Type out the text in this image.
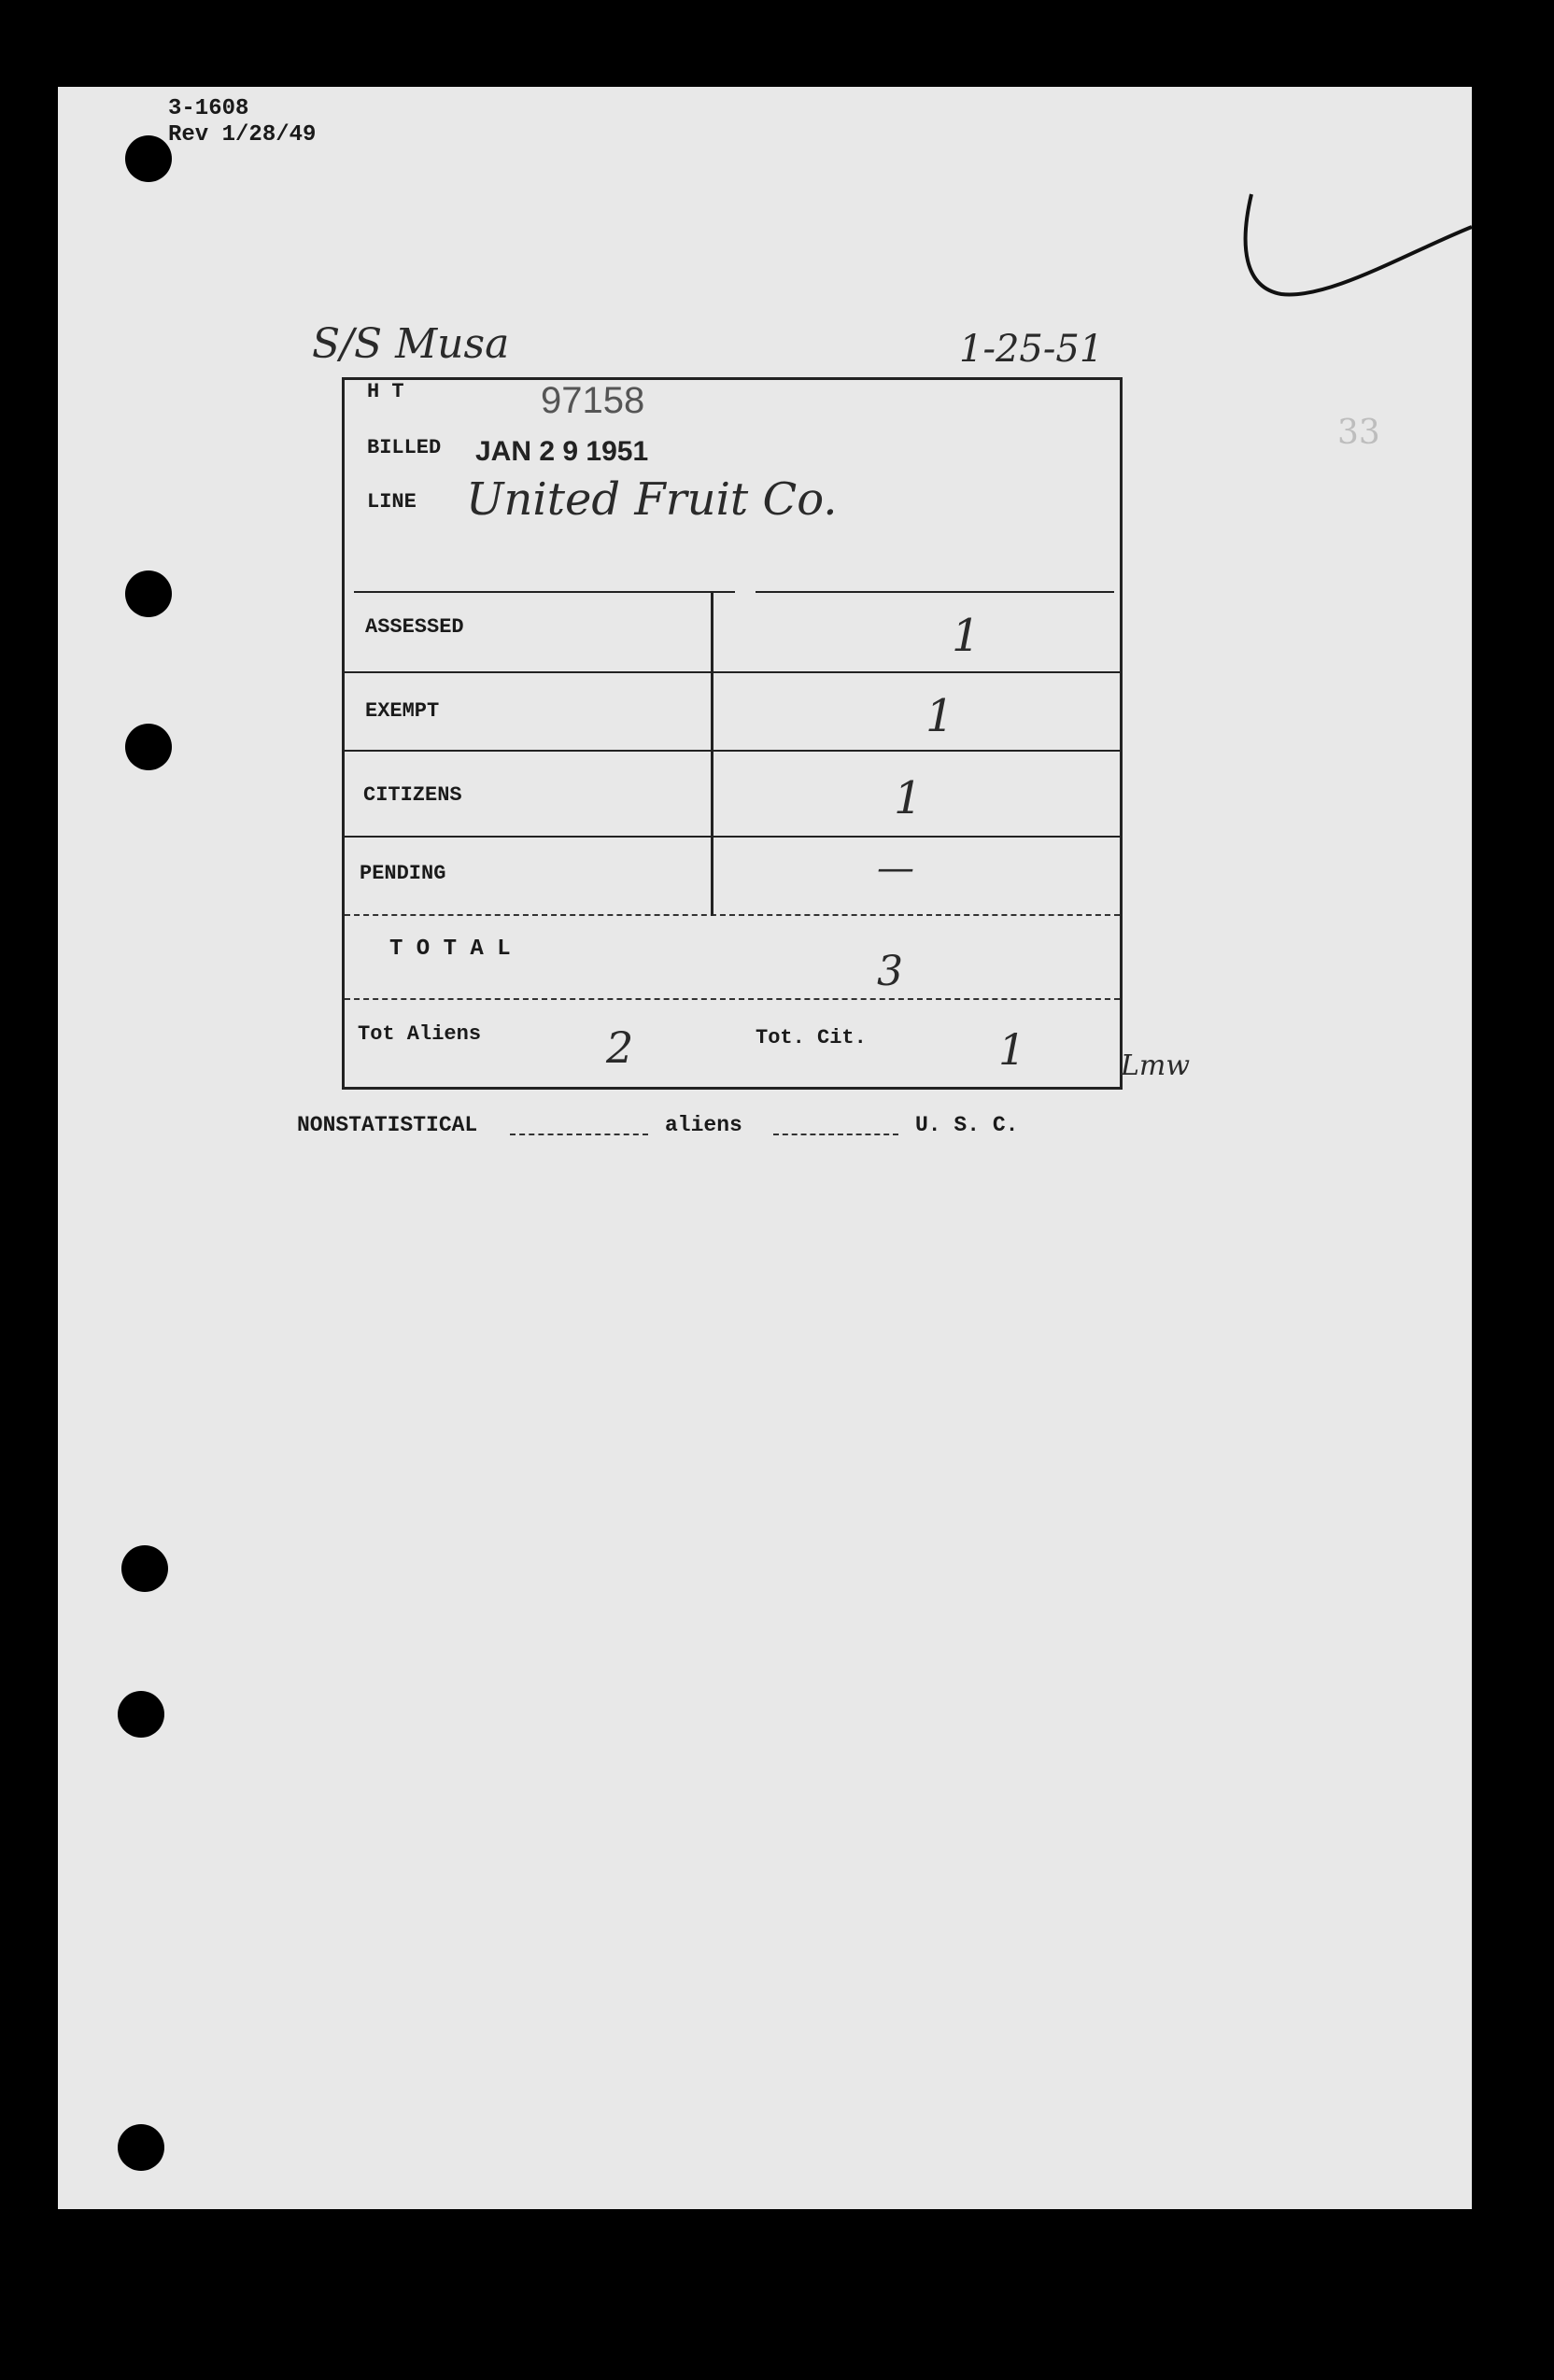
3-1608
Rev 1/28/49
S/S Musa	1-25-51
33
H T	97158
BILLED JAN 2 9 1951
LINE United Fruit Co.
ASSESSED	1
EXEMPT	1
CITIZENS	1
PENDING	—
T O T A L	3
Tot Aliens	2	Tot. Cit.	1	Lmw
NONSTATISTICAL	aliens	U. S. C.
